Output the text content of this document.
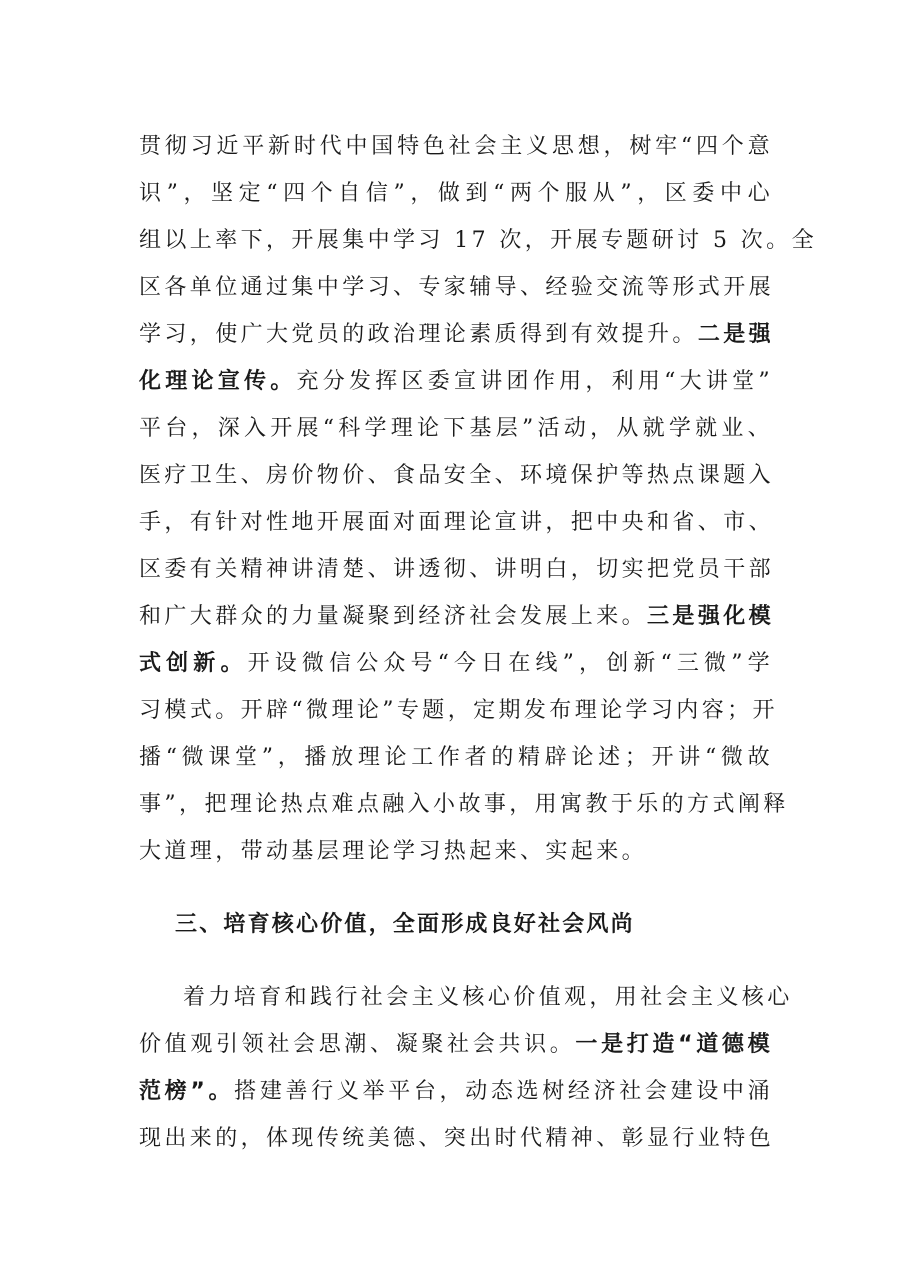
贯彻习近平新时代中国特色社会主义思想，树牢“四个意
识”，坚定“四个自信”，做到“两个服从”，区委中心
组以上率下，开展集中学习 17 次，开展专题研讨 5 次。全
区各单位通过集中学习、专家辅导、经验交流等形式开展
学习，使广大党员的政治理论素质得到有效提升。二是强
化理论宣传。充分发挥区委宣讲团作用，利用“大讲堂”
平台，深入开展“科学理论下基层”活动，从就学就业、
医疗卫生、房价物价、食品安全、环境保护等热点课题入
手，有针对性地开展面对面理论宣讲，把中央和省、市、
区委有关精神讲清楚、讲透彻、讲明白，切实把党员干部
和广大群众的力量凝聚到经济社会发展上来。三是强化模
式创新。开设微信公众号“今日在线”，创新“三微”学
习模式。开辟“微理论”专题，定期发布理论学习内容；开
播“微课堂”，播放理论工作者的精辟论述；开讲“微故
事”，把理论热点难点融入小故事，用寓教于乐的方式阐释
大道理，带动基层理论学习热起来、实起来。
三、培育核心价值，全面形成良好社会风尚
着力培育和践行社会主义核心价值观，用社会主义核心
价值观引领社会思潮、凝聚社会共识。一是打造“道德模
范榜”。搭建善行义举平台，动态选树经济社会建设中涌
现出来的，体现传统美德、突出时代精神、彰显行业特色
